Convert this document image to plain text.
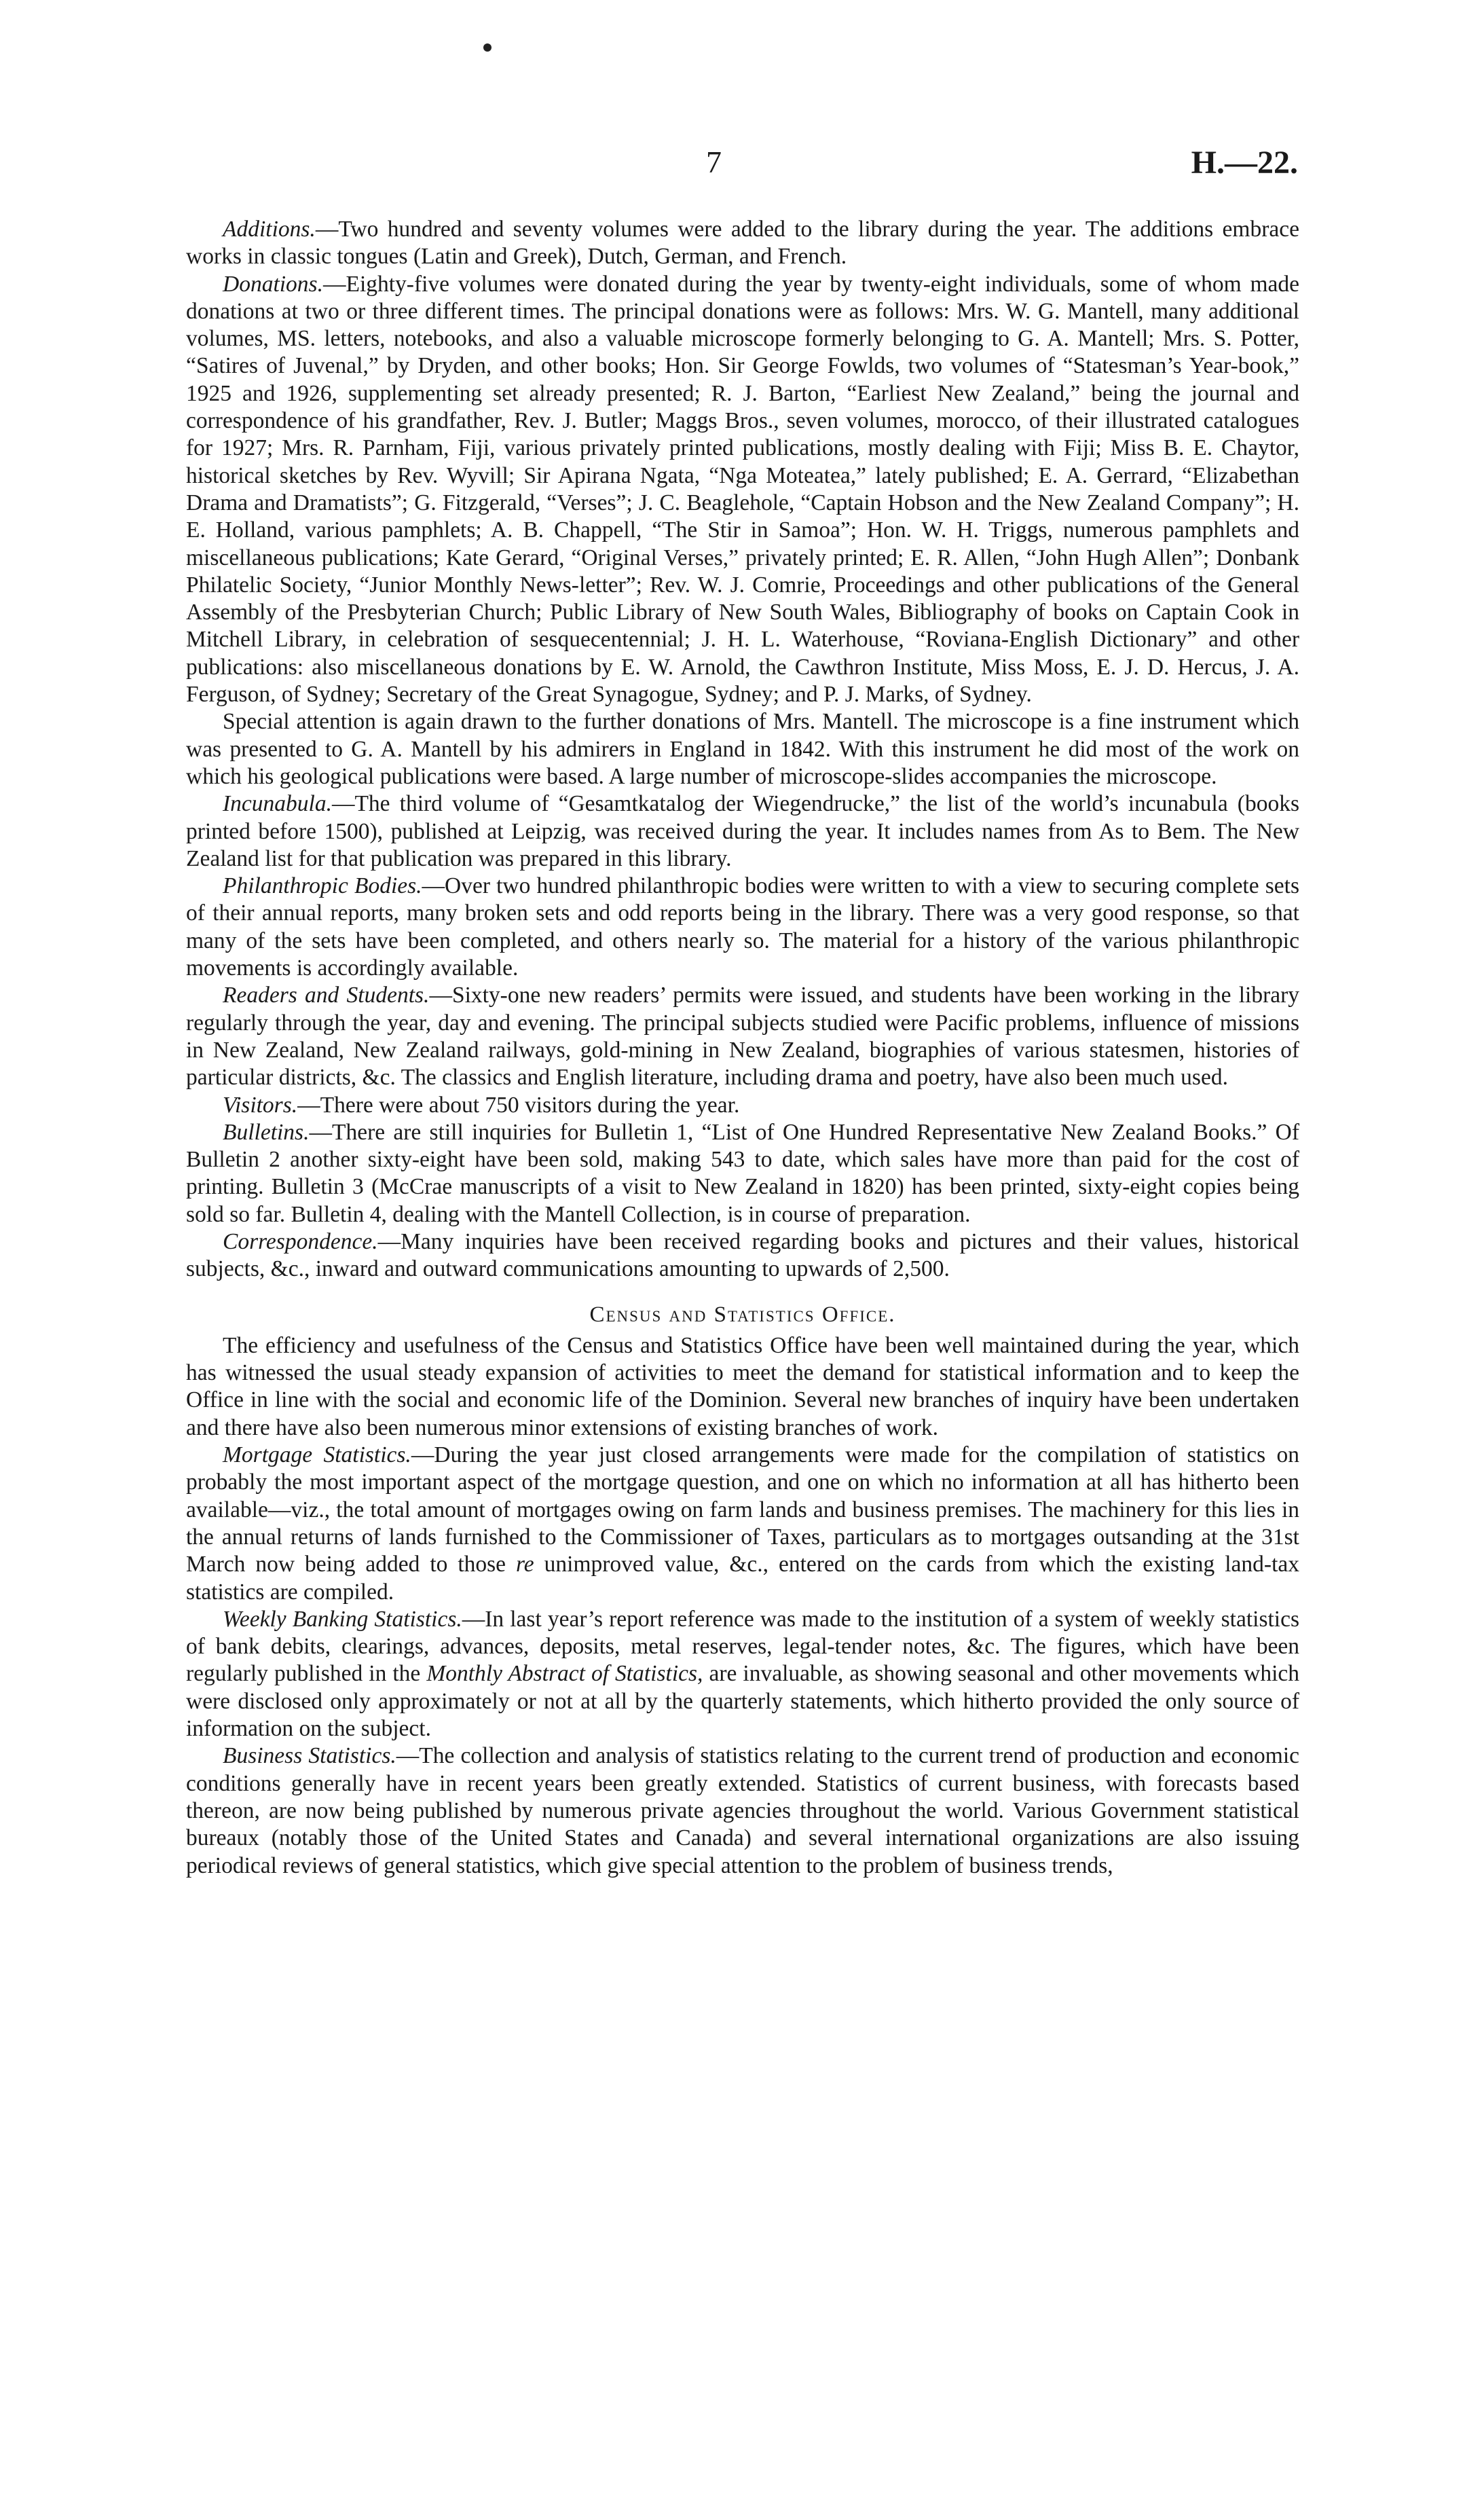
7	H.—22.

Additions.—Two hundred and seventy volumes were added to the library during the year. The additions embrace works in classic tongues (Latin and Greek), Dutch, German, and French.

Donations.—Eighty-five volumes were donated during the year by twenty-eight individuals, some of whom made donations at two or three different times. The principal donations were as follows: Mrs. W. G. Mantell, many additional volumes, MS. letters, notebooks, and also a valuable microscope formerly belonging to G. A. Mantell; Mrs. S. Potter, “Satires of Juvenal,” by Dryden, and other books; Hon. Sir George Fowlds, two volumes of “Statesman’s Year-book,” 1925 and 1926, supplementing set already presented; R. J. Barton, “Earliest New Zealand,” being the journal and correspondence of his grandfather, Rev. J. Butler; Maggs Bros., seven volumes, morocco, of their illustrated catalogues for 1927; Mrs. R. Parnham, Fiji, various privately printed publications, mostly dealing with Fiji; Miss B. E. Chaytor, historical sketches by Rev. Wyvill; Sir Apirana Ngata, “Nga Moteatea,” lately published; E. A. Gerrard, “Elizabethan Drama and Dramatists”; G. Fitzgerald, “Verses”; J. C. Beaglehole, “Captain Hobson and the New Zealand Company”; H. E. Holland, various pamphlets; A. B. Chappell, “The Stir in Samoa”; Hon. W. H. Triggs, numerous pamphlets and miscellaneous publications; Kate Gerard, “Original Verses,” privately printed; E. R. Allen, “John Hugh Allen”; Donbank Philatelic Society, “Junior Monthly News-letter”; Rev. W. J. Comrie, Proceedings and other publications of the General Assembly of the Presbyterian Church; Public Library of New South Wales, Bibliography of books on Captain Cook in Mitchell Library, in celebration of sesquecentennial; J. H. L. Waterhouse, “Roviana-English Dictionary” and other publications: also miscellaneous donations by E. W. Arnold, the Cawthron Institute, Miss Moss, E. J. D. Hercus, J. A. Ferguson, of Sydney; Secretary of the Great Synagogue, Sydney; and P. J. Marks, of Sydney.

Special attention is again drawn to the further donations of Mrs. Mantell. The microscope is a fine instrument which was presented to G. A. Mantell by his admirers in England in 1842. With this instrument he did most of the work on which his geological publications were based. A large number of microscope-slides accompanies the microscope.

Incunabula.—The third volume of “Gesamtkatalog der Wiegendrucke,” the list of the world’s incunabula (books printed before 1500), published at Leipzig, was received during the year. It includes names from As to Bem. The New Zealand list for that publication was prepared in this library.

Philanthropic Bodies.—Over two hundred philanthropic bodies were written to with a view to securing complete sets of their annual reports, many broken sets and odd reports being in the library. There was a very good response, so that many of the sets have been completed, and others nearly so. The material for a history of the various philanthropic movements is accordingly available.

Readers and Students.—Sixty-one new readers’ permits were issued, and students have been working in the library regularly through the year, day and evening. The principal subjects studied were Pacific problems, influence of missions in New Zealand, New Zealand railways, gold-mining in New Zealand, biographies of various statesmen, histories of particular districts, &c. The classics and English literature, including drama and poetry, have also been much used.

Visitors.—There were about 750 visitors during the year.

Bulletins.—There are still inquiries for Bulletin 1, “List of One Hundred Representative New Zealand Books.” Of Bulletin 2 another sixty-eight have been sold, making 543 to date, which sales have more than paid for the cost of printing. Bulletin 3 (McCrae manuscripts of a visit to New Zealand in 1820) has been printed, sixty-eight copies being sold so far. Bulletin 4, dealing with the Mantell Collection, is in course of preparation.

Correspondence.—Many inquiries have been received regarding books and pictures and their values, historical subjects, &c., inward and outward communications amounting to upwards of 2,500.

Census and Statistics Office.

The efficiency and usefulness of the Census and Statistics Office have been well maintained during the year, which has witnessed the usual steady expansion of activities to meet the demand for statistical information and to keep the Office in line with the social and economic life of the Dominion. Several new branches of inquiry have been undertaken and there have also been numerous minor extensions of existing branches of work.

Mortgage Statistics.—During the year just closed arrangements were made for the compilation of statistics on probably the most important aspect of the mortgage question, and one on which no information at all has hitherto been available—viz., the total amount of mortgages owing on farm lands and business premises. The machinery for this lies in the annual returns of lands furnished to the Commissioner of Taxes, particulars as to mortgages outsanding at the 31st March now being added to those re unimproved value, &c., entered on the cards from which the existing land-tax statistics are compiled.

Weekly Banking Statistics.—In last year’s report reference was made to the institution of a system of weekly statistics of bank debits, clearings, advances, deposits, metal reserves, legal-tender notes, &c. The figures, which have been regularly published in the Monthly Abstract of Statistics, are invaluable, as showing seasonal and other movements which were disclosed only approximately or not at all by the quarterly statements, which hitherto provided the only source of information on the subject.

Business Statistics.—The collection and analysis of statistics relating to the current trend of production and economic conditions generally have in recent years been greatly extended. Statistics of current business, with forecasts based thereon, are now being published by numerous private agencies throughout the world. Various Government statistical bureaux (notably those of the United States and Canada) and several international organizations are also issuing periodical reviews of general statistics, which give special attention to the problem of business trends,
